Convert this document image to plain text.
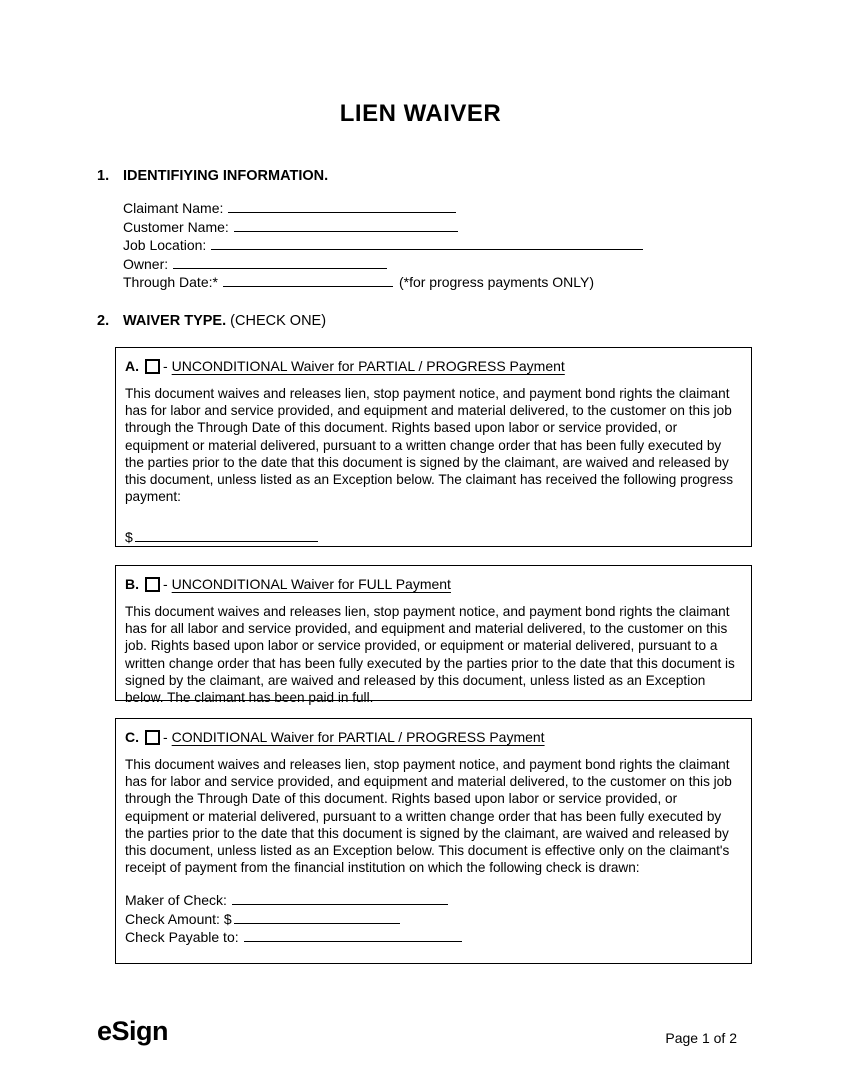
LIEN WAIVER
1. IDENTIFIYING INFORMATION.
Claimant Name:
Customer Name:
Job Location:
Owner:
Through Date:*	(*for progress payments ONLY)
2. WAIVER TYPE. (CHECK ONE)
A. - UNCONDITIONAL Waiver for PARTIAL / PROGRESS Payment
This document waives and releases lien, stop payment notice, and payment bond rights the claimant has for labor and service provided, and equipment and material delivered, to the customer on this job through the Through Date of this document. Rights based upon labor or service provided, or equipment or material delivered, pursuant to a written change order that has been fully executed by the parties prior to the date that this document is signed by the claimant, are waived and released by this document, unless listed as an Exception below. The claimant has received the following progress payment:
$
B. - UNCONDITIONAL Waiver for FULL Payment
This document waives and releases lien, stop payment notice, and payment bond rights the claimant has for all labor and service provided, and equipment and material delivered, to the customer on this job. Rights based upon labor or service provided, or equipment or material delivered, pursuant to a written change order that has been fully executed by the parties prior to the date that this document is signed by the claimant, are waived and released by this document, unless listed as an Exception below. The claimant has been paid in full.
C. - CONDITIONAL Waiver for PARTIAL / PROGRESS Payment
This document waives and releases lien, stop payment notice, and payment bond rights the claimant has for labor and service provided, and equipment and material delivered, to the customer on this job through the Through Date of this document. Rights based upon labor or service provided, or equipment or material delivered, pursuant to a written change order that has been fully executed by the parties prior to the date that this document is signed by the claimant, are waived and released by this document, unless listed as an Exception below. This document is effective only on the claimant's receipt of payment from the financial institution on which the following check is drawn:
Maker of Check:
Check Amount: $
Check Payable to:
eSign	Page 1 of 2
